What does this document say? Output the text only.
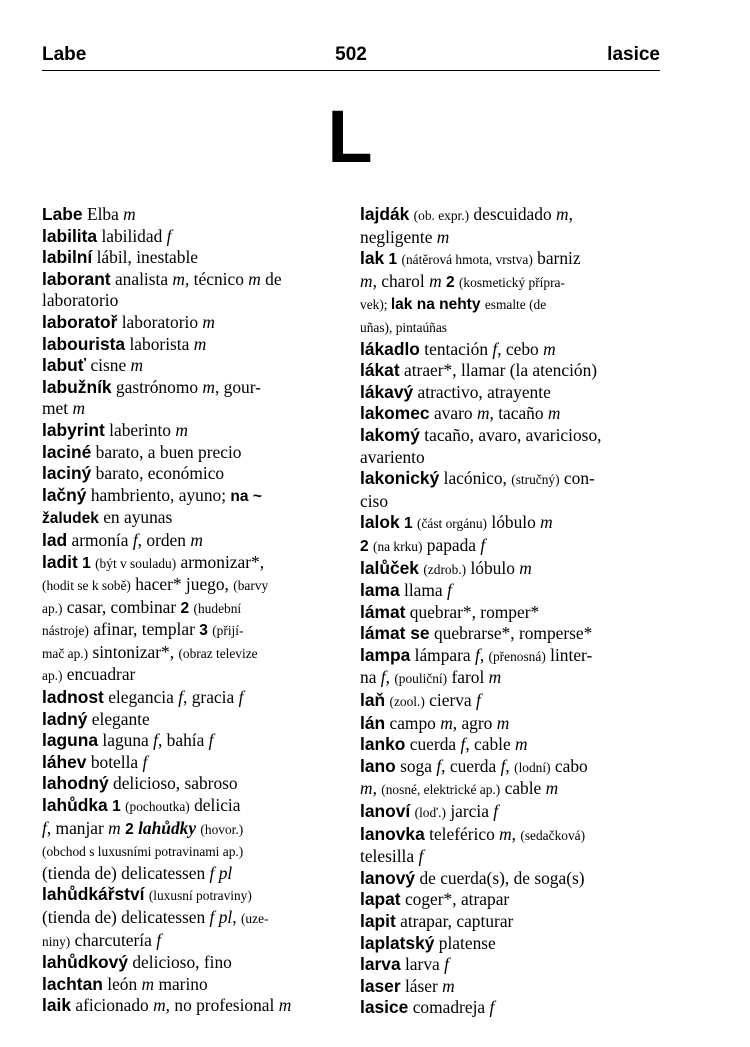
502
Labe	lasice
L
Labe Elba m
labilita labilidad f
labilní lábil, inestable
laborant analista m, técnico m de
laboratorio
laboratoř laboratorio m
labourista laborista m
labuť cisne m
labužník gastrónomo m, gour-
met m
labyrint laberinto m
laciné barato, a buen precio
laciný barato, económico
lačný hambriento, ayuno; na ~
žaludek en ayunas
lad armonía f, orden m
ladit 1 (být v souladu) armonizar*,
(hodit se k sobě) hacer* juego, (barvy
ap.) casar, combinar 2 (hudební
nástroje) afinar, templar 3 (přijí-
mač ap.) sintonizar*, (obraz televize
ap.) encuadrar
ladnost elegancia f, gracia f
ladný elegante
laguna laguna f, bahía f
láhev botella f
lahodný delicioso, sabroso
lahůdka 1 (pochoutka) delicia
f, manjar m 2 lahůdky (hovor.)
(obchod s luxusními potravinami ap.)
(tienda de) delicatessen f pl
lahůdkářství (luxusní potraviny)
(tienda de) delicatessen f pl, (uze-
niny) charcutería f
lahůdkový delicioso, fino
lachtan león m marino
laik aficionado m, no profesional m
lajdák (ob. expr.) descuidado m,
negligente m
lak 1 (nátěrová hmota, vrstva) barniz
m, charol m 2 (kosmetický přípra-
vek); lak na nehty esmalte (de
uñas), pintaúñas
lákadlo tentación f, cebo m
lákat atraer*, llamar (la atención)
lákavý atractivo, atrayente
lakomec avaro m, tacaño m
lakomý tacaño, avaro, avaricioso,
avariento
lakonický lacónico, (stručný) con-
ciso
lalok 1 (část orgánu) lóbulo m
2 (na krku) papada f
lalůček (zdrob.) lóbulo m
lama llama f
lámat quebrar*, romper*
lámat se quebrarse*, romperse*
lampa lámpara f, (přenosná) linter-
na f, (pouliční) farol m
laň (zool.) cierva f
lán campo m, agro m
lanko cuerda f, cable m
lano soga f, cuerda f, (lodní) cabo
m, (nosné, elektrické ap.) cable m
lanoví (loď.) jarcia f
lanovka teleférico m, (sedačková)
telesilla f
lanový de cuerda(s), de soga(s)
lapat coger*, atrapar
lapit atrapar, capturar
laplatský platense
larva larva f
laser láser m
lasice comadreja f
